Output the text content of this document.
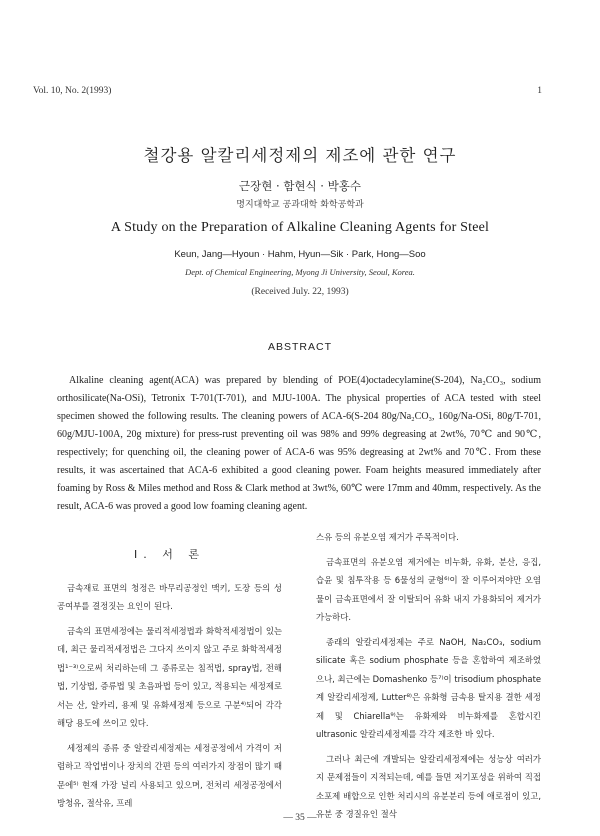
Vol. 10, No. 2(1993)	1
철강용 알칼리세정제의 제조에 관한 연구
근장현 · 함현식 · 박홍수
명지대학교 공과대학 화학공학과
A Study on the Preparation of Alkaline Cleaning Agents for Steel
Keun, Jang—Hyoun · Hahm, Hyun—Sik · Park, Hong—Soo
Dept. of Chemical Engineering, Myong Ji University, Seoul, Korea.
(Received July. 22, 1993)
ABSTRACT

Alkaline cleaning agent(ACA) was prepared by blending of POE(4)octadecylamine(S-204), Na₂CO₃, sodium orthosilicate(Na-OSi), Tetronix T-701(T-701), and MJU-100A. The physical properties of ACA tested with steel specimen showed the following results. The cleaning powers of ACA-6(S-204 80g/Na₂CO₃, 160g/Na-OSi, 80g/T-701, 60g/MJU-100A, 20g mixture) for press-rust preventing oil was 98% and 99% degreasing at 2wt%, 70℃ and 90℃, respectively; for quenching oil, the cleaning power of ACA-6 was 95% degreasing at 2wt% and 70℃. From these results, it was ascertained that ACA-6 exhibited a good cleaning power. Foam heights measured immediately after foaming by Ross & Miles method and Ross & Clark method at 3wt%, 60℃ were 17mm and 40mm, respectively. As the result, ACA-6 was proved a good low foaming cleaning agent.

I. 서 론

금속재료 표면의 청정은 바무리공정인 맥키, 도장 등의 성공여부를 결정짓는 요인이 된다.

금속의 표면세정에는 물리적세정법과 화학적세정법이 있는데, 최근 물리적세정법은 그다지 쓰이지 않고 주로 화학적세정법¹⁻³⁾으로써 처리하는데 그 종류로는 침적법, spray법, 전해법, 기상법, 증류법 및 초음파법 등이 있고, 적용되는 세정제로서는 산, 알카리, 용제 및 유화세정제 등으로 구분⁴⁾되어 각각 해당 용도에 쓰이고 있다.

세정제의 종류 중 알칼리세정제는 세정공정에서 가격이 저렴하고 작업범이나 장치의 간편 등의 여러가지 장점이 많기 때문에⁵⁾ 현재 가장 널리 사용되고 있으며, 전처리 세정공정에서 방청유, 절삭유, 프레

스유 등의 유분오염 제거가 주목적이다.

금속표면의 유분오염 제거에는 비누화, 유화, 분산, 응집, 습윤 및 침투작용 등 6물성의 균형⁶⁾이 잘 이루어져야만 오염물이 금속표면에서 잘 이탈되어 유화 내지 가용화되어 제거가 가능하다.

종래의 알칼리세정제는 주로 NaOH, Na₂CO₃, sodium silicate 혹은 sodium phosphate 등을 혼합하여 제조하였으나, 최근에는 Domashenko 등⁷⁾이 trisodium phosphate계 알칼리세정제, Lutter⁸⁾은 유화형 금속용 탈지용 결한 세정제 및 Chiarella⁹⁾는 유화제와 비누화제를 혼합시킨 ultrasonic 알칼리세정제를 각각 제조한 바 있다.

그러나 최근에 개발되는 알칼리세정제에는 성능상 여러가지 문제점들이 지적되는데, 예를 들면 저기포성을 위하여 직접 소포제 배합으로 인한 처리시의 유분분리 등에 애로점이 있고, 유분 중 경질유인 절삭

— 35 —
